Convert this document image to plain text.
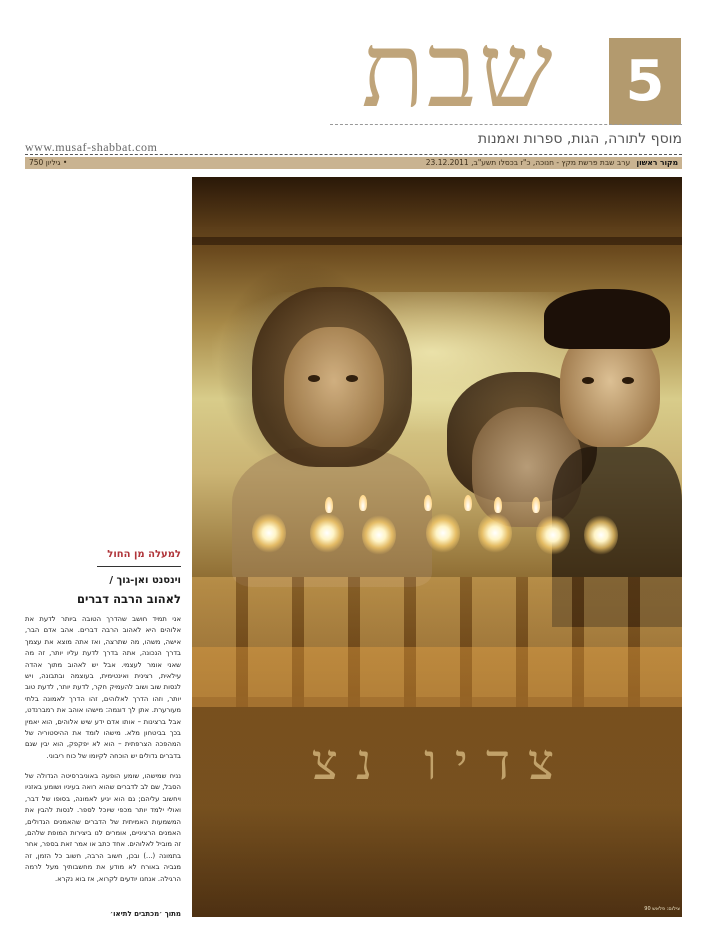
5
שבת
מוסף לתורה, הגות, ספרות ואמנות
www.musaf-shabbat.com
מקור ראשון ערב שבת פרשת מקץ - חנוכה, כ"ז בכסלו תשע"ב, 23.12.2011
• גיליון 750
צדיו נצ
צילום: פלאש 90
למעלה מן החול
וינסנט ואן-גוך /
לאהוב הרבה דברים
אני תמיד חושב שהדרך הטובה ביותר לדעת את אלוהים היא לאהוב הרבה דברים. אהב אדם הבר, אישה, משהו, מה שתרצה, ואז אתה מוצא את עצמך בדרך הנכונה, אתה בדרך לדעת עליו יותר, זה מה שאני אומר לעצמי. אבל יש לאהוב מתוך אהדה עילאית, רצינית ואינטימית, בעוצמה ובתבונה, ויש לנסות שוב ושוב להעמיק חקר, לדעת יותר, לדעת טוב יותר, וזהו הדרך לאלוהים, זהו הדרך לאמונה בלתי מעורערת. אתן לך דוגמה: מישהו אוהב את רמברנדט, אבל ברצינות – אותו אדם ידע שיש אלוהים, הוא יאמין בכך בביטחון מלא. מישהו לומד את ההיסטוריה של המהפכה הצרפתית – הוא לא יפקפק, הוא יבין שגם בדברים גדולים יש הוכחה לקיומו של כוח ריבוני.
נניח שמישהו, שומע הופעה באוניברסיטה הגדולה של הסבל, שם לב לדברים שהוא רואה בעיניו ושומע באזניו ויחשוב עליהם; גם הוא יגיע לאמונה, בסופו של דבר, ואולי ילמד יותר מכפי שיוכל לספר. לנסות להבין את המשמעות האמיתית של הדברים שהאמנים הגדולים, האמנים הרציניים, אומרים לנו ביצירות המופת שלהם, זה מוביל לאלוהים. אחד כתב או אמר זאת בספר, אחר בתמונה (...) ובכן, חשוב הרבה, חשוב כל הזמן, זה מגביה באורח לא מודע את מחשבותיך מעל לרמה הרגילה. אנחנו יודעים לקרוא, אז בוא נקרא.
מתוך ׳מכתבים לתיאו׳
